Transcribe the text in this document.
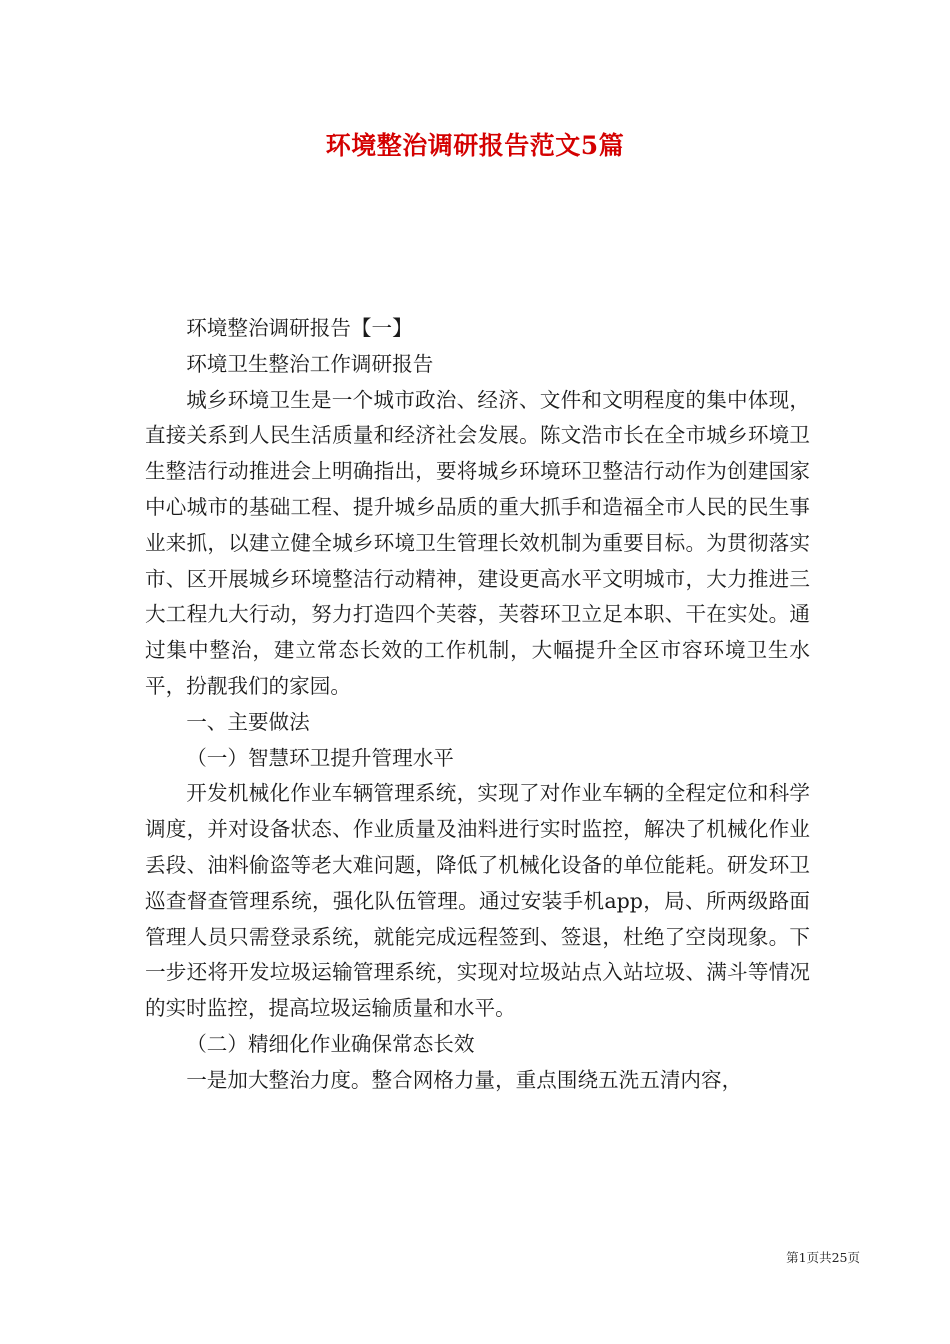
环境整治调研报告范文5篇

环境整治调研报告【一】

环境卫生整治工作调研报告

城乡环境卫生是一个城市政治、经济、文件和文明程度的集中体现，直接关系到人民生活质量和经济社会发展。陈文浩市长在全市城乡环境卫生整洁行动推进会上明确指出，要将城乡环境环卫整洁行动作为创建国家中心城市的基础工程、提升城乡品质的重大抓手和造福全市人民的民生事业来抓，以建立健全城乡环境卫生管理长效机制为重要目标。为贯彻落实市、区开展城乡环境整洁行动精神，建设更高水平文明城市，大力推进三大工程九大行动，努力打造四个芙蓉，芙蓉环卫立足本职、干在实处。通过集中整治，建立常态长效的工作机制，大幅提升全区市容环境卫生水平，扮靓我们的家园。

一、主要做法

（一）智慧环卫提升管理水平

开发机械化作业车辆管理系统，实现了对作业车辆的全程定位和科学调度，并对设备状态、作业质量及油料进行实时监控，解决了机械化作业丢段、油料偷盗等老大难问题，降低了机械化设备的单位能耗。研发环卫巡查督查管理系统，强化队伍管理。通过安装手机app，局、所两级路面管理人员只需登录系统，就能完成远程签到、签退，杜绝了空岗现象。下一步还将开发垃圾运输管理系统，实现对垃圾站点入站垃圾、满斗等情况的实时监控，提高垃圾运输质量和水平。

（二）精细化作业确保常态长效

一是加大整治力度。整合网格力量，重点围绕五洗五清内容，

第1页共25页
